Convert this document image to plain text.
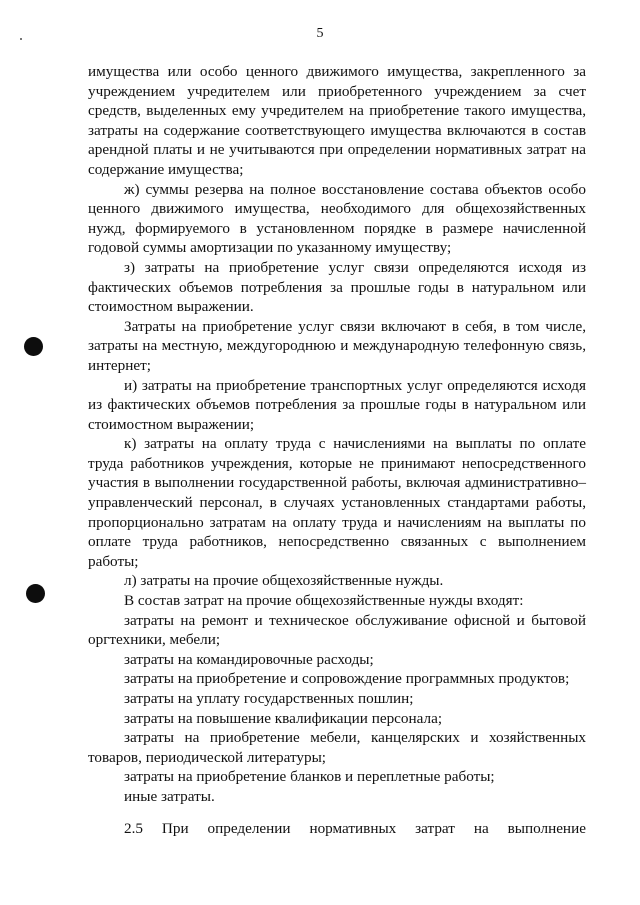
5

имущества или особо ценного движимого имущества, закрепленного за учреждением учредителем или приобретенного учреждением за счет средств, выделенных ему учредителем на приобретение такого имущества, затраты на содержание соответствующего имущества включаются в состав арендной платы и не учитываются при определении нормативных затрат на содержание имущества;

ж) суммы резерва на полное восстановление состава объектов особо ценного движимого имущества, необходимого для общехозяйственных нужд, формируемого в установленном порядке в размере начисленной годовой суммы амортизации по указанному имуществу;

з) затраты на приобретение услуг связи определяются исходя из фактических объемов потребления за прошлые годы в натуральном или стоимостном выражении.

Затраты на приобретение услуг связи включают в себя, в том числе, затраты на местную, междугороднюю и международную телефонную связь, интернет;

и) затраты на приобретение транспортных услуг определяются исходя из фактических объемов потребления за прошлые годы в натуральном или стоимостном выражении;

к) затраты на оплату труда с начислениями на выплаты по оплате труда работников учреждения, которые не принимают непосредственного участия в выполнении государственной работы, включая административно–управленческий персонал, в случаях установленных стандартами работы, пропорционально затратам на оплату труда и начислениям на выплаты по оплате труда работников, непосредственно связанных с выполнением работы;

л) затраты на прочие общехозяйственные нужды.

В состав затрат на прочие общехозяйственные нужды входят:

затраты на ремонт и техническое обслуживание офисной и бытовой оргтехники, мебели;

затраты на командировочные расходы;

затраты на приобретение и сопровождение программных продуктов;

затраты на уплату государственных пошлин;

затраты на повышение квалификации персонала;

затраты на приобретение мебели, канцелярских и хозяйственных товаров, периодической литературы;

затраты на приобретение бланков и переплетные работы;

иные затраты.

2.5 При определении нормативных затрат на выполнение
